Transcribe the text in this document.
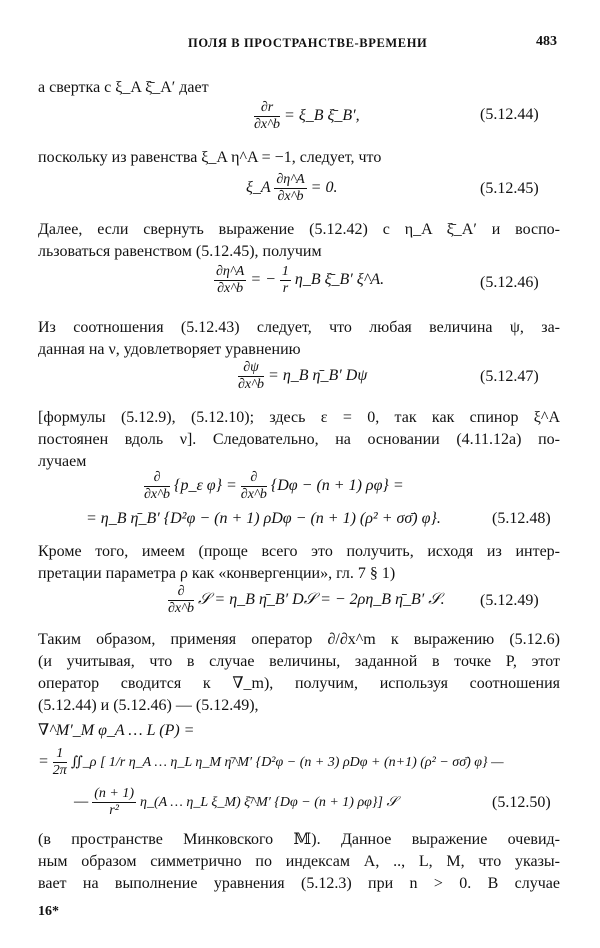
ПОЛЯ В ПРОСТРАНСТВЕ-ВРЕМЕНИ	483
а свертка с ξ_A ξ̄_A′ дает
$\frac{\partial r}{\partial x\^{}b}$ = ξ_B ξ̄_B′,	(5.12.44)
поскольку из равенства ξ_A η^A = −1, следует, что
ξ_A $\frac{\partial\eta\^{}A}{\partial x\^{}b} = 0$.	(5.12.45)
Далее, если свернуть выражение (5.12.42) с η_A ξ̄_A′ и воспо-
льзоваться равенством (5.12.45), получим
$\frac{\partial\eta\^{}A}{\partial x\^{}b}$ = − $\frac{1}{r}$ η_B ξ̄_B′ ξ^A.	(5.12.46)
Из соотношения (5.12.43) следует, что любая величина ψ, за-
данная на ν, удовлетворяет уравнению
$\frac{\partial\psi}{\partial x\^{}b}$ = η_B η̄_B′ Dψ	(5.12.47)
[формулы (5.12.9), (5.12.10); здесь ε = 0, так как спинор ξ^A
постоянен вдоль ν]. Следовательно, на основании (4.11.12а) по-
лучаем
$\frac{\partial}{\partial x\^{}b}$ {p_ε $\varphi\} = \frac{\partial}{\partial x\^{}b} \{D\varphi - (n + 1) \rho\varphi\}$ =
= η_B η̄_B′ {D²φ − (n + 1) ρDφ − (n + 1) (ρ² + σσ̄) φ}.	(5.12.48)
Кроме того, имеем (проще всего это получить, исходя из интер-
претации параметра ρ как «конвергенции», гл. 7 § 1)
$\frac{\partial}{\partial x\^{}b}$ 𝒮 = η_B η̄_B′ D𝒮 = − 2ρη_B η̄_B′ 𝒮. (5.12.49)
Таким образом, применяя оператор ∂/∂x^m к выражению (5.12.6)
(и учитывая, что в случае величины, заданной в точке P, этот
оператор сводится к ∇_m), получим, используя соотношения
(5.12.44) и (5.12.46) — (5.12.49),
∇^M′_M φ_A … L (P) =
= $\frac{1}{2\pi}$ ∬_ρ [ 1/r η_A … η_L η_M η̄^M′ {D²φ − (n + 3) ρDφ + (n+1) (ρ² − σσ̄) φ} —
— $\frac{(n + 1)}{\text{r²}}$ η_(A … η_L ξ_M) ξ̄^M′ {Dφ − (n + 1) ρφ}] 𝒮	(5.12.50)
(в пространстве Минковского 𝕄). Данное выражение очевид-
ным образом симметрично по индексам A, .., L, M, что указы-
вает на выполнение уравнения (5.12.3) при n > 0. В случае
16*
